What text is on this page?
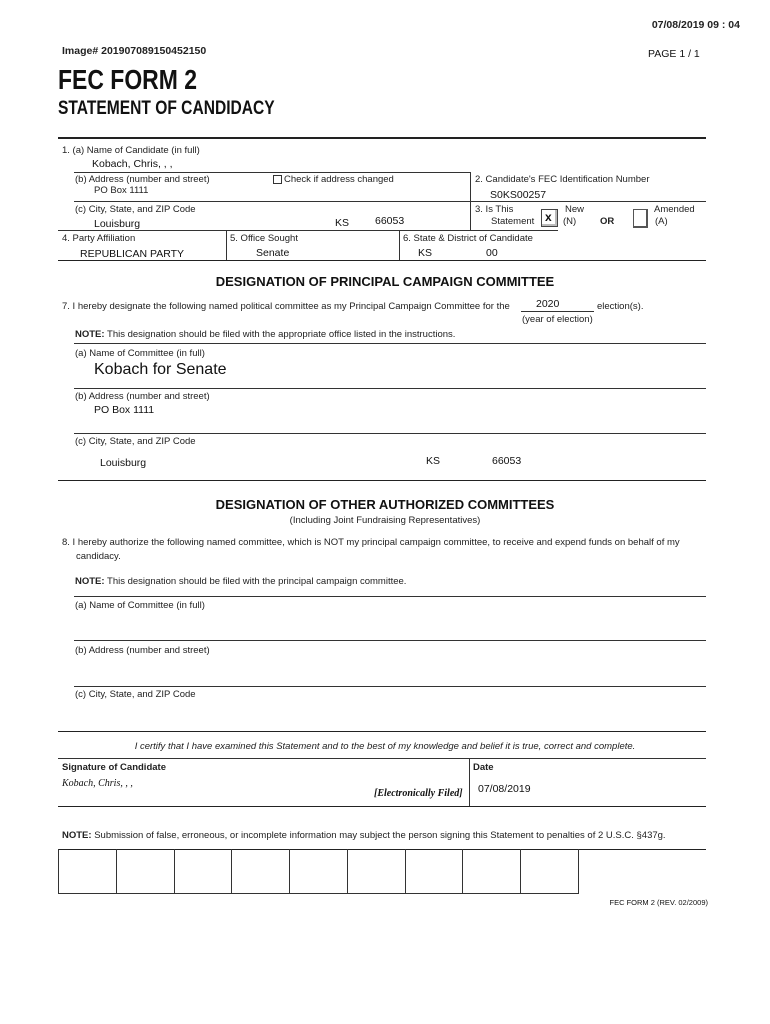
07/08/2019 09 : 04
Image# 201907089150452150	PAGE 1 / 1
FEC FORM 2
STATEMENT OF CANDIDACY
1. (a) Name of Candidate (in full)
Kobach, Chris, , ,
(b) Address (number and street)
PO Box 1111
Check if address changed	2. Candidate's FEC Identification Number
S0KS00257
(c) City, State, and ZIP Code
Louisburg	KS 66053
3. Is This
Statement x
New
(N)	OR
Amended
(A)
4. Party Affiliation
REPUBLICAN PARTY
5. Office Sought
Senate
6. State & District of Candidate
KS	00
DESIGNATION OF PRINCIPAL CAMPAIGN COMMITTEE
7. I hereby designate the following named political committee as my Principal Campaign Committee for the 2020	election(s).
(year of election)
NOTE: This designation should be filed with the appropriate office listed in the instructions.
(a) Name of Committee (in full)
Kobach for Senate
(b) Address (number and street)
PO Box 1111
(c) City, State, and ZIP Code
Louisburg	KS	66053
DESIGNATION OF OTHER AUTHORIZED COMMITTEES
(Including Joint Fundraising Representatives)
8. I hereby authorize the following named committee, which is NOT my principal campaign committee, to receive and expend funds on behalf of my
candidacy.
NOTE: This designation should be filed with the principal campaign committee.
(a) Name of Committee (in full)
(b) Address (number and street)
(c) City, State, and ZIP Code
I certify that I have examined this Statement and to the best of my knowledge and belief it is true, correct and complete.
Signature of Candidate
Kobach, Chris, , ,
[Electronically Filed]
Date
07/08/2019
NOTE: Submission of false, erroneous, or incomplete information may subject the person signing this Statement to penalties of 2 U.S.C. §437g.
FEC FORM 2 (REV. 02/2009)
